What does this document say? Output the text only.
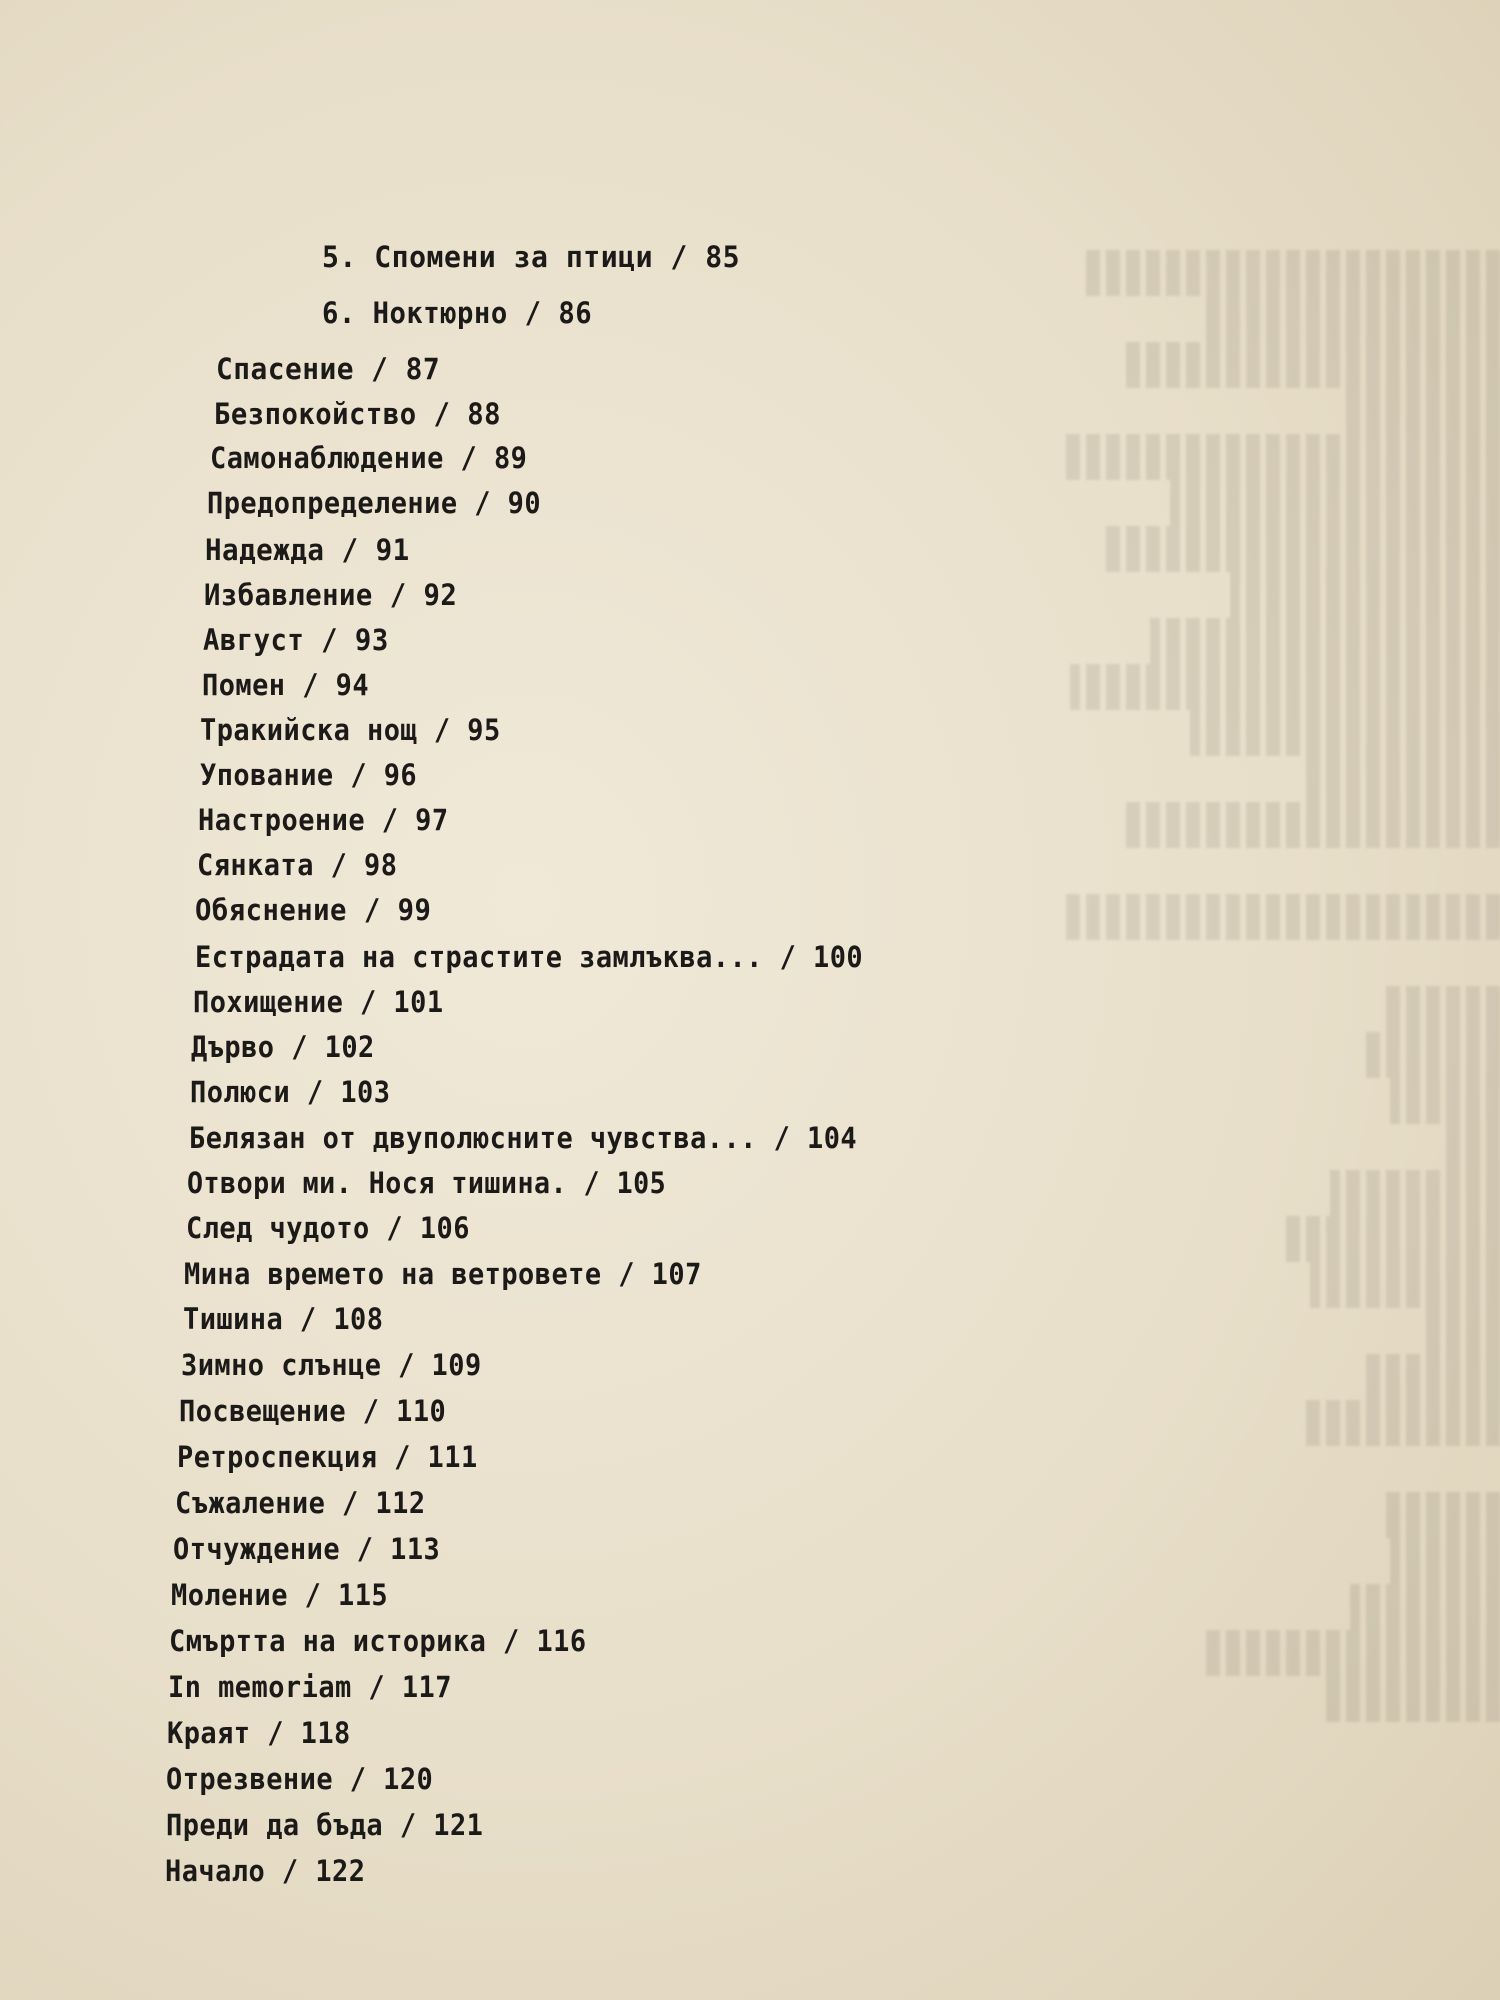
5. Спомени за птици / 85
6. Ноктюрно / 86
Спасение / 87
Безпокойство / 88
Самонаблюдение / 89
Предопределение / 90
Надежда / 91
Избавление / 92
Август / 93
Помен / 94
Тракийска нощ / 95
Упование / 96
Настроение / 97
Сянката / 98
Обяснение / 99
Естрадата на страстите замлъква... / 100
Похищение / 101
Дърво / 102
Полюси / 103
Белязан от двуполюсните чувства... / 104
Отвори ми. Нося тишина. / 105
След чудото / 106
Мина времето на ветровете / 107
Тишина / 108
Зимно слънце / 109
Посвещение / 110
Ретроспекция / 111
Съжаление / 112
Отчуждение / 113
Моление / 115
Смъртта на историка / 116
In memoriam / 117
Краят / 118
Отрезвение / 120
Преди да бъда / 121
Начало / 122
